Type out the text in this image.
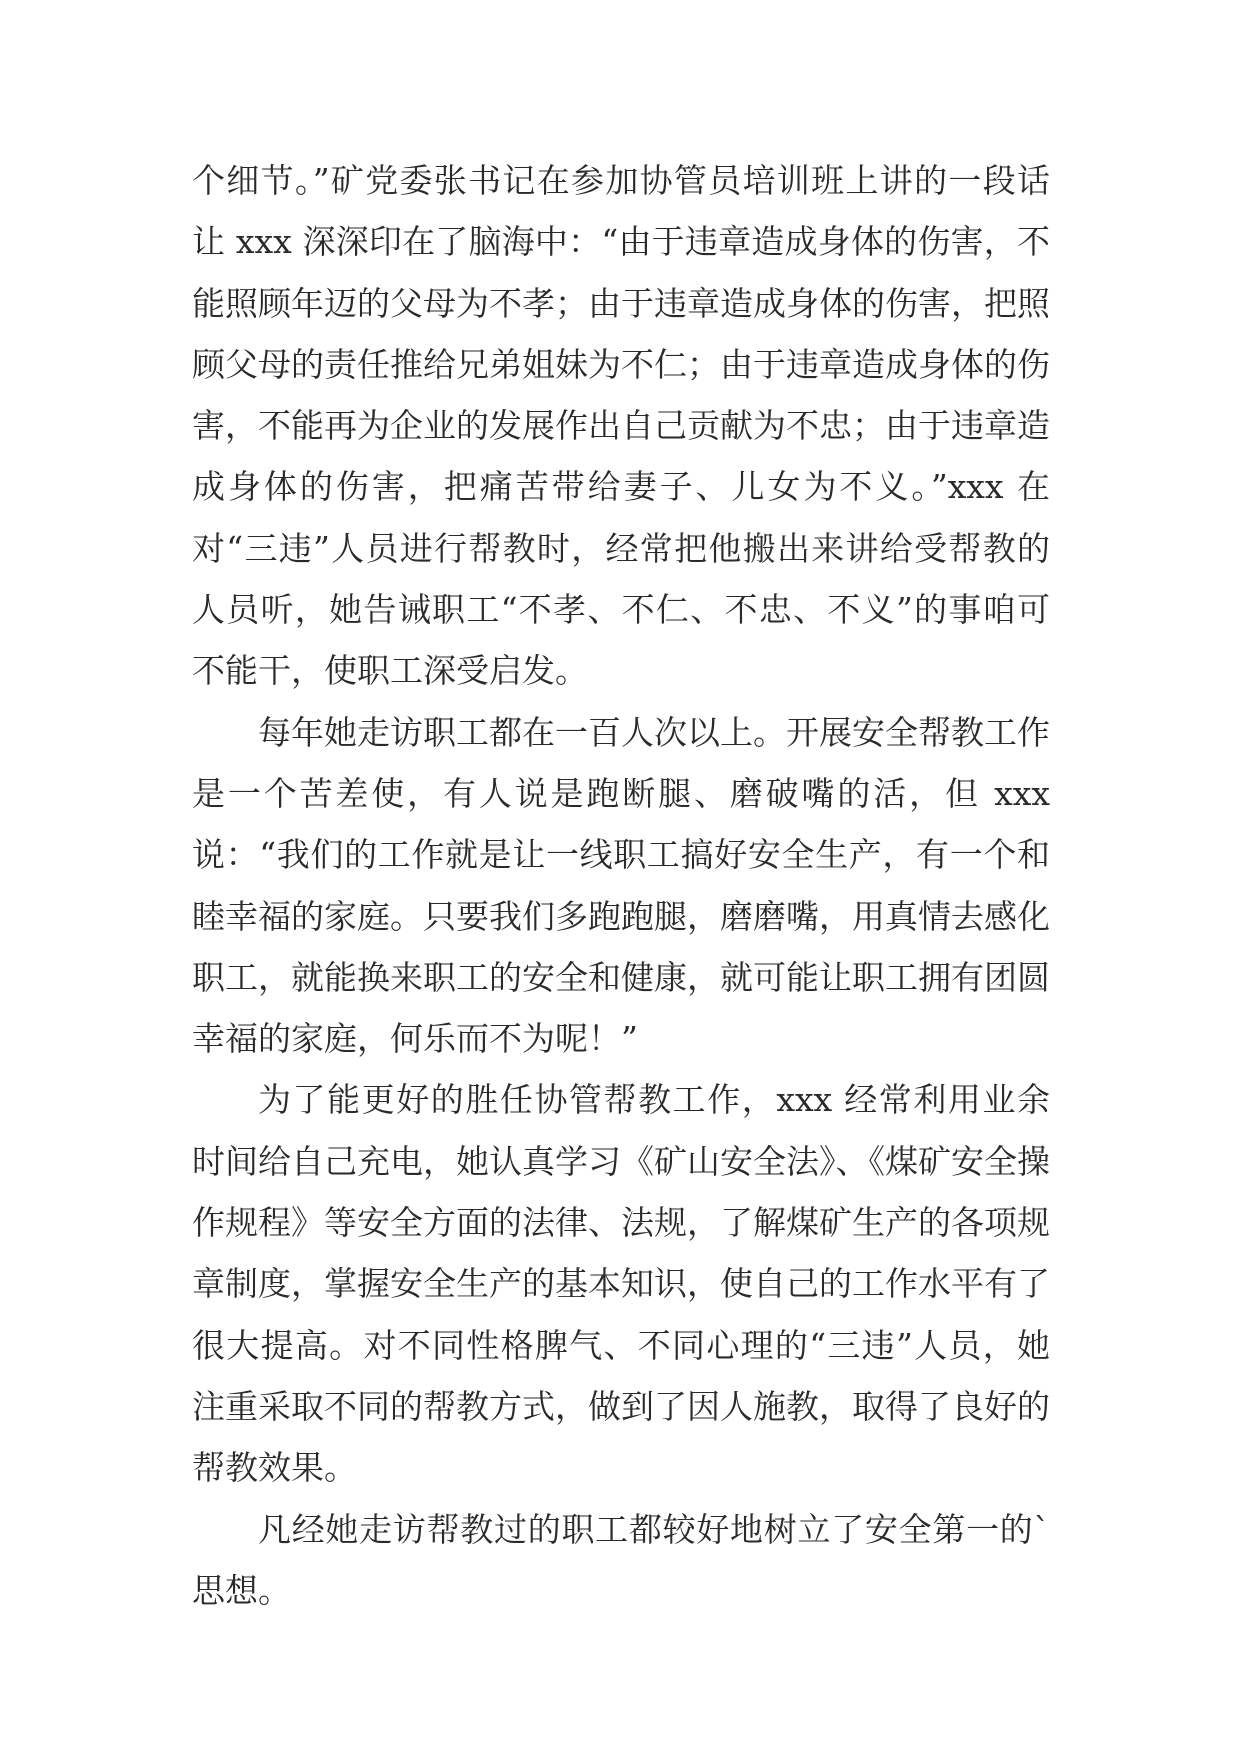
个细节。”矿党委张书记在参加协管员培训班上讲的一段话让 xxx 深深印在了脑海中：“由于违章造成身体的伤害，不能照顾年迈的父母为不孝；由于违章造成身体的伤害，把照顾父母的责任推给兄弟姐妹为不仁；由于违章造成身体的伤害，不能再为企业的发展作出自己贡献为不忠；由于违章造成身体的伤害，把痛苦带给妻子、儿女为不义。”xxx 在对“三违”人员进行帮教时，经常把他搬出来讲给受帮教的人员听，她告诫职工“不孝、不仁、不忠、不义”的事咱可不能干，使职工深受启发。

每年她走访职工都在一百人次以上。开展安全帮教工作是一个苦差使，有人说是跑断腿、磨破嘴的活，但 xxx 说：“我们的工作就是让一线职工搞好安全生产，有一个和睦幸福的家庭。只要我们多跑跑腿，磨磨嘴，用真情去感化职工，就能换来职工的安全和健康，就可能让职工拥有团圆幸福的家庭，何乐而不为呢！”

为了能更好的胜任协管帮教工作，xxx 经常利用业余时间给自己充电，她认真学习《矿山安全法》、《煤矿安全操作规程》等安全方面的法律、法规，了解煤矿生产的各项规章制度，掌握安全生产的基本知识，使自己的工作水平有了很大提高。对不同性格脾气、不同心理的“三违”人员，她注重采取不同的帮教方式，做到了因人施教，取得了良好的帮教效果。

凡经她走访帮教过的职工都较好地树立了安全第一的`思想。
